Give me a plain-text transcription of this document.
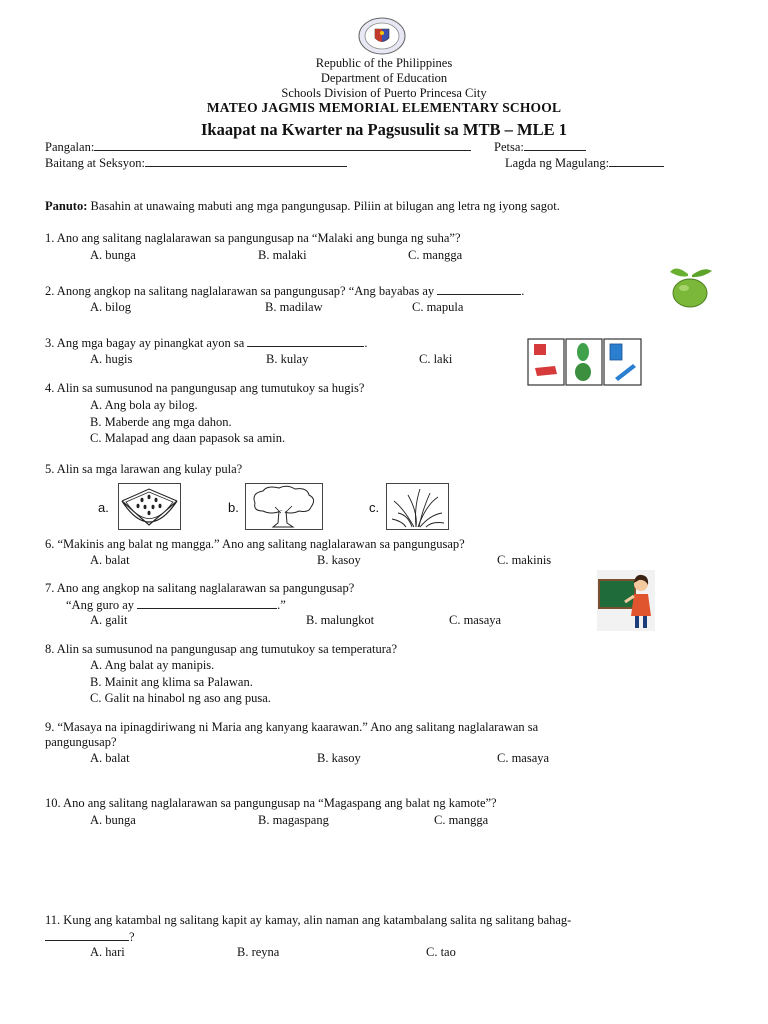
Republic of the Philippines
Department of Education
Schools Division of Puerto Princesa City
MATEO JAGMIS MEMORIAL ELEMENTARY SCHOOL
Ikaapat na Kwarter na Pagsusulit sa MTB – MLE 1
Pangalan:	Petsa:
Baitang at Seksyon:	Lagda ng Magulang:
Panuto: Basahin at unawaing mabuti ang mga pangungusap. Piliin at bilugan ang letra ng iyong sagot.
1. Ano ang salitang naglalarawan sa pangungusap na “Malaki ang bunga ng suha”?
A. bunga	B. malaki	C. mangga
2. Anong angkop na salitang naglalarawan sa pangungusap? “Ang bayabas ay	.
A. bilog	B. madilaw	C. mapula
3. Ang mga bagay ay pinangkat ayon sa	.
A. hugis	B. kulay	C. laki
4. Alin sa sumusunod na pangungusap ang tumutukoy sa hugis?
A. Ang bola ay bilog.
B. Maberde ang mga dahon.
C. Malapad ang daan papasok sa amin.
5. Alin sa mga larawan ang kulay pula?
a.	b.	c.
6. “Makinis ang balat ng mangga.” Ano ang salitang naglalarawan sa pangungusap?
A. balat	B. kasoy	C. makinis
7. Ano ang angkop na salitang naglalarawan sa pangungusap?
“Ang guro ay	.”
A. galit	B. malungkot	C. masaya
8. Alin sa sumusunod na pangungusap ang tumutukoy sa temperatura?
A. Ang balat ay manipis.
B. Mainit ang klima sa Palawan.
C. Galit na hinabol ng aso ang pusa.
9. “Masaya na ipinagdiriwang ni Maria ang kanyang kaarawan.” Ano ang salitang naglalarawan sa
pangungusap?
A. balat	B. kasoy	C. masaya
10. Ano ang salitang naglalarawan sa pangungusap na “Magaspang ang balat ng kamote”?
A. bunga	B. magaspang	C. mangga
11. Kung ang katambal ng salitang kapit ay kamay, alin naman ang katambalang salita ng salitang bahag-
?
A. hari	B. reyna	C. tao
